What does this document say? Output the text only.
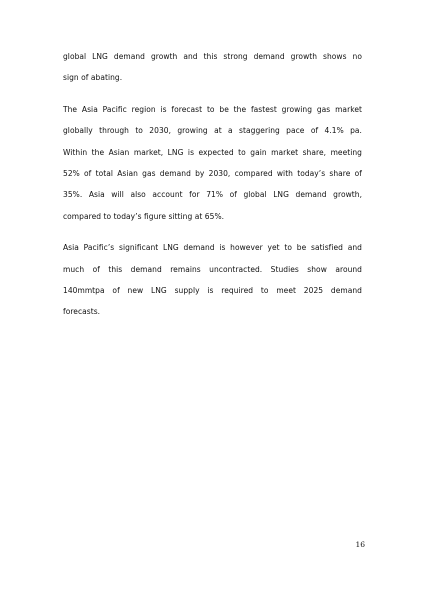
global LNG demand growth and this strong demand growth shows no
sign of abating.

The Asia Pacific region is forecast to be the fastest growing gas market
globally through to 2030, growing at a staggering pace of 4.1% pa.
Within the Asian market, LNG is expected to gain market share, meeting
52% of total Asian gas demand by 2030, compared with today’s share of
35%. Asia will also account for 71% of global LNG demand growth,
compared to today’s figure sitting at 65%.

Asia Pacific’s significant LNG demand is however yet to be satisfied and
much of this demand remains uncontracted. Studies show around
140mmtpa of new LNG supply is required to meet 2025 demand
forecasts.

16
